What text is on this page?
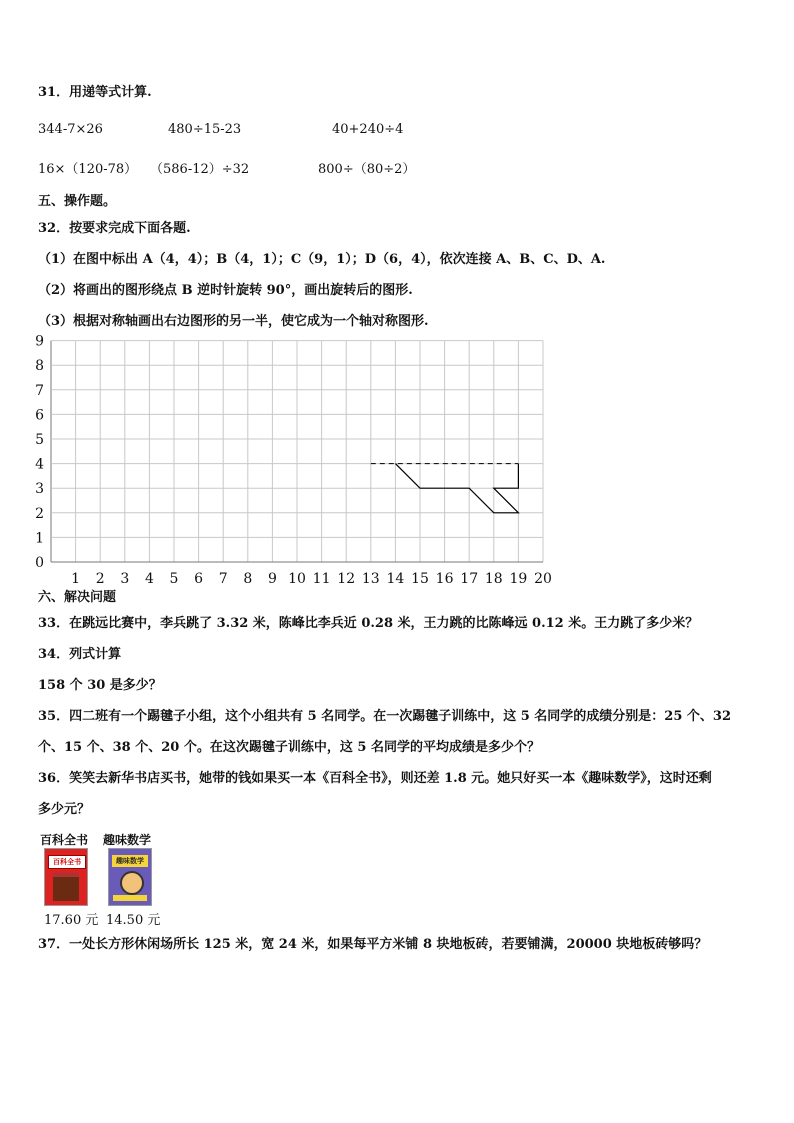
31．用递等式计算.
344-7×26	480÷15-23	40+240÷4
16×（120-78） （586-12）÷32	800÷（80÷2）
五、操作题。
32．按要求完成下面各题.
（1）在图中标出 A（4，4）；B（4，1）；C（9，1）；D（6，4），依次连接 A、B、C、D、A.
（2）将画出的图形绕点 B 逆时针旋转 90°，画出旋转后的图形.
（3）根据对称轴画出右边图形的另一半，使它成为一个轴对称图形.
1 2 3 4 5 6 7 8 9 10 11 12 13 14 15 16 17 18 19 20
0
1
2
3
4
5
6
7
8
9
六、解决问题
33．在跳远比赛中，李兵跳了 3.32 米，陈峰比李兵近 0.28 米，王力跳的比陈峰远 0.12 米。王力跳了多少米？
34．列式计算
158 个 30 是多少？
35．四二班有一个踢毽子小组，这个小组共有 5 名同学。在一次踢毽子训练中，这 5 名同学的成绩分别是：25 个、32
个、15 个、38 个、20 个。在这次踢毽子训练中，这 5 名同学的平均成绩是多少个？
36．笑笑去新华书店买书，她带的钱如果买一本《百科全书》，则还差 1.8 元。她只好买一本《趣味数学》，这时还剩
多少元？
百科全书
百科全书
17.60 元
趣味数学
趣味数学
14.50 元
37．一处长方形休闲场所长 125 米，宽 24 米，如果每平方米铺 8 块地板砖，若要铺满，20000 块地板砖够吗？
